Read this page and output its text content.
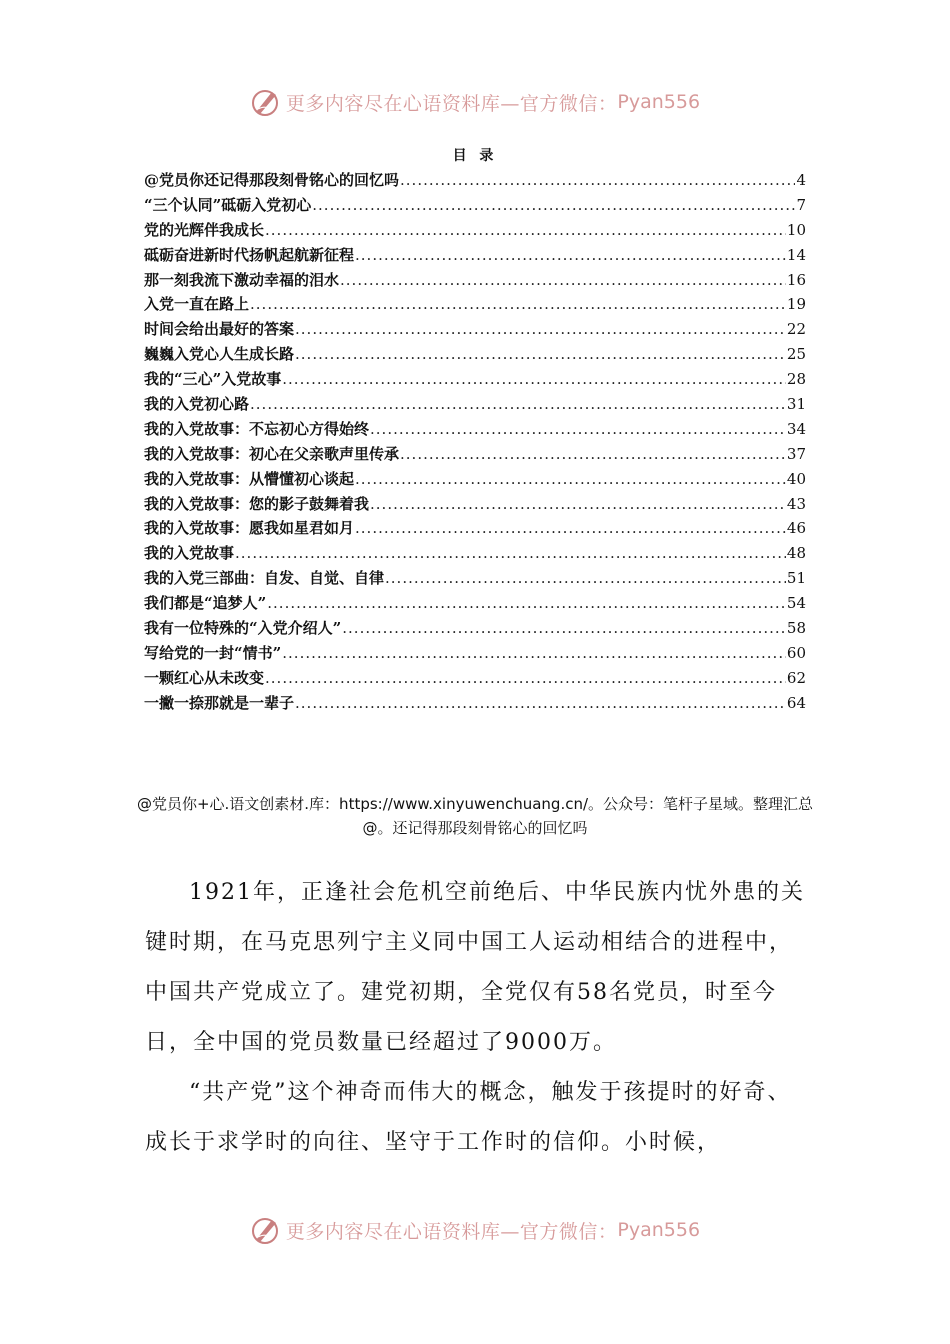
更多内容尽在心语资料库—官方微信： Pyan556
目 录
@党员你还记得那段刻骨铭心的回忆吗 .....	4
“三个认同”砥砺入党初心 .....	7
党的光辉伴我成长 .....	10
砥砺奋进新时代扬帆起航新征程 .....	14
那一刻我流下激动幸福的泪水 .....	16
入党一直在路上 .....	19
时间会给出最好的答案 .....	22
巍巍入党心人生成长路 .....	25
我的“三心”入党故事 .....	28
我的入党初心路 .....	31
我的入党故事：不忘初心方得始终 .....	34
我的入党故事：初心在父亲歌声里传承 .....	37
我的入党故事：从懵懂初心谈起 .....	40
我的入党故事：您的影子鼓舞着我 .....	43
我的入党故事：愿我如星君如月 .....	46
我的入党故事 .....	48
我的入党三部曲：自发、自觉、自律 .....	51
我们都是“追梦人” .....	54
我有一位特殊的“入党介绍人” .....	58
写给党的一封“情书” .....	60
一颗红心从未改变 .....	62
一撇一捺那就是一辈子 .....	64
@党员你+心.语文创素材.库：https://www.xinyuwenchuang.cn/。公众号：笔杆子星域。整理汇总@。还记得那段刻骨铭心的回忆吗

1921年，正逢社会危机空前绝后、中华民族内忧外患的关键时期，在马克思列宁主义同中国工人运动相结合的进程中，中国共产党成立了。建党初期，全党仅有58名党员，时至今日，全中国的党员数量已经超过了9000万。

“共产党”这个神奇而伟大的概念，触发于孩提时的好奇、成长于求学时的向往、坚守于工作时的信仰。小时候，

更多内容尽在心语资料库—官方微信： Pyan556
